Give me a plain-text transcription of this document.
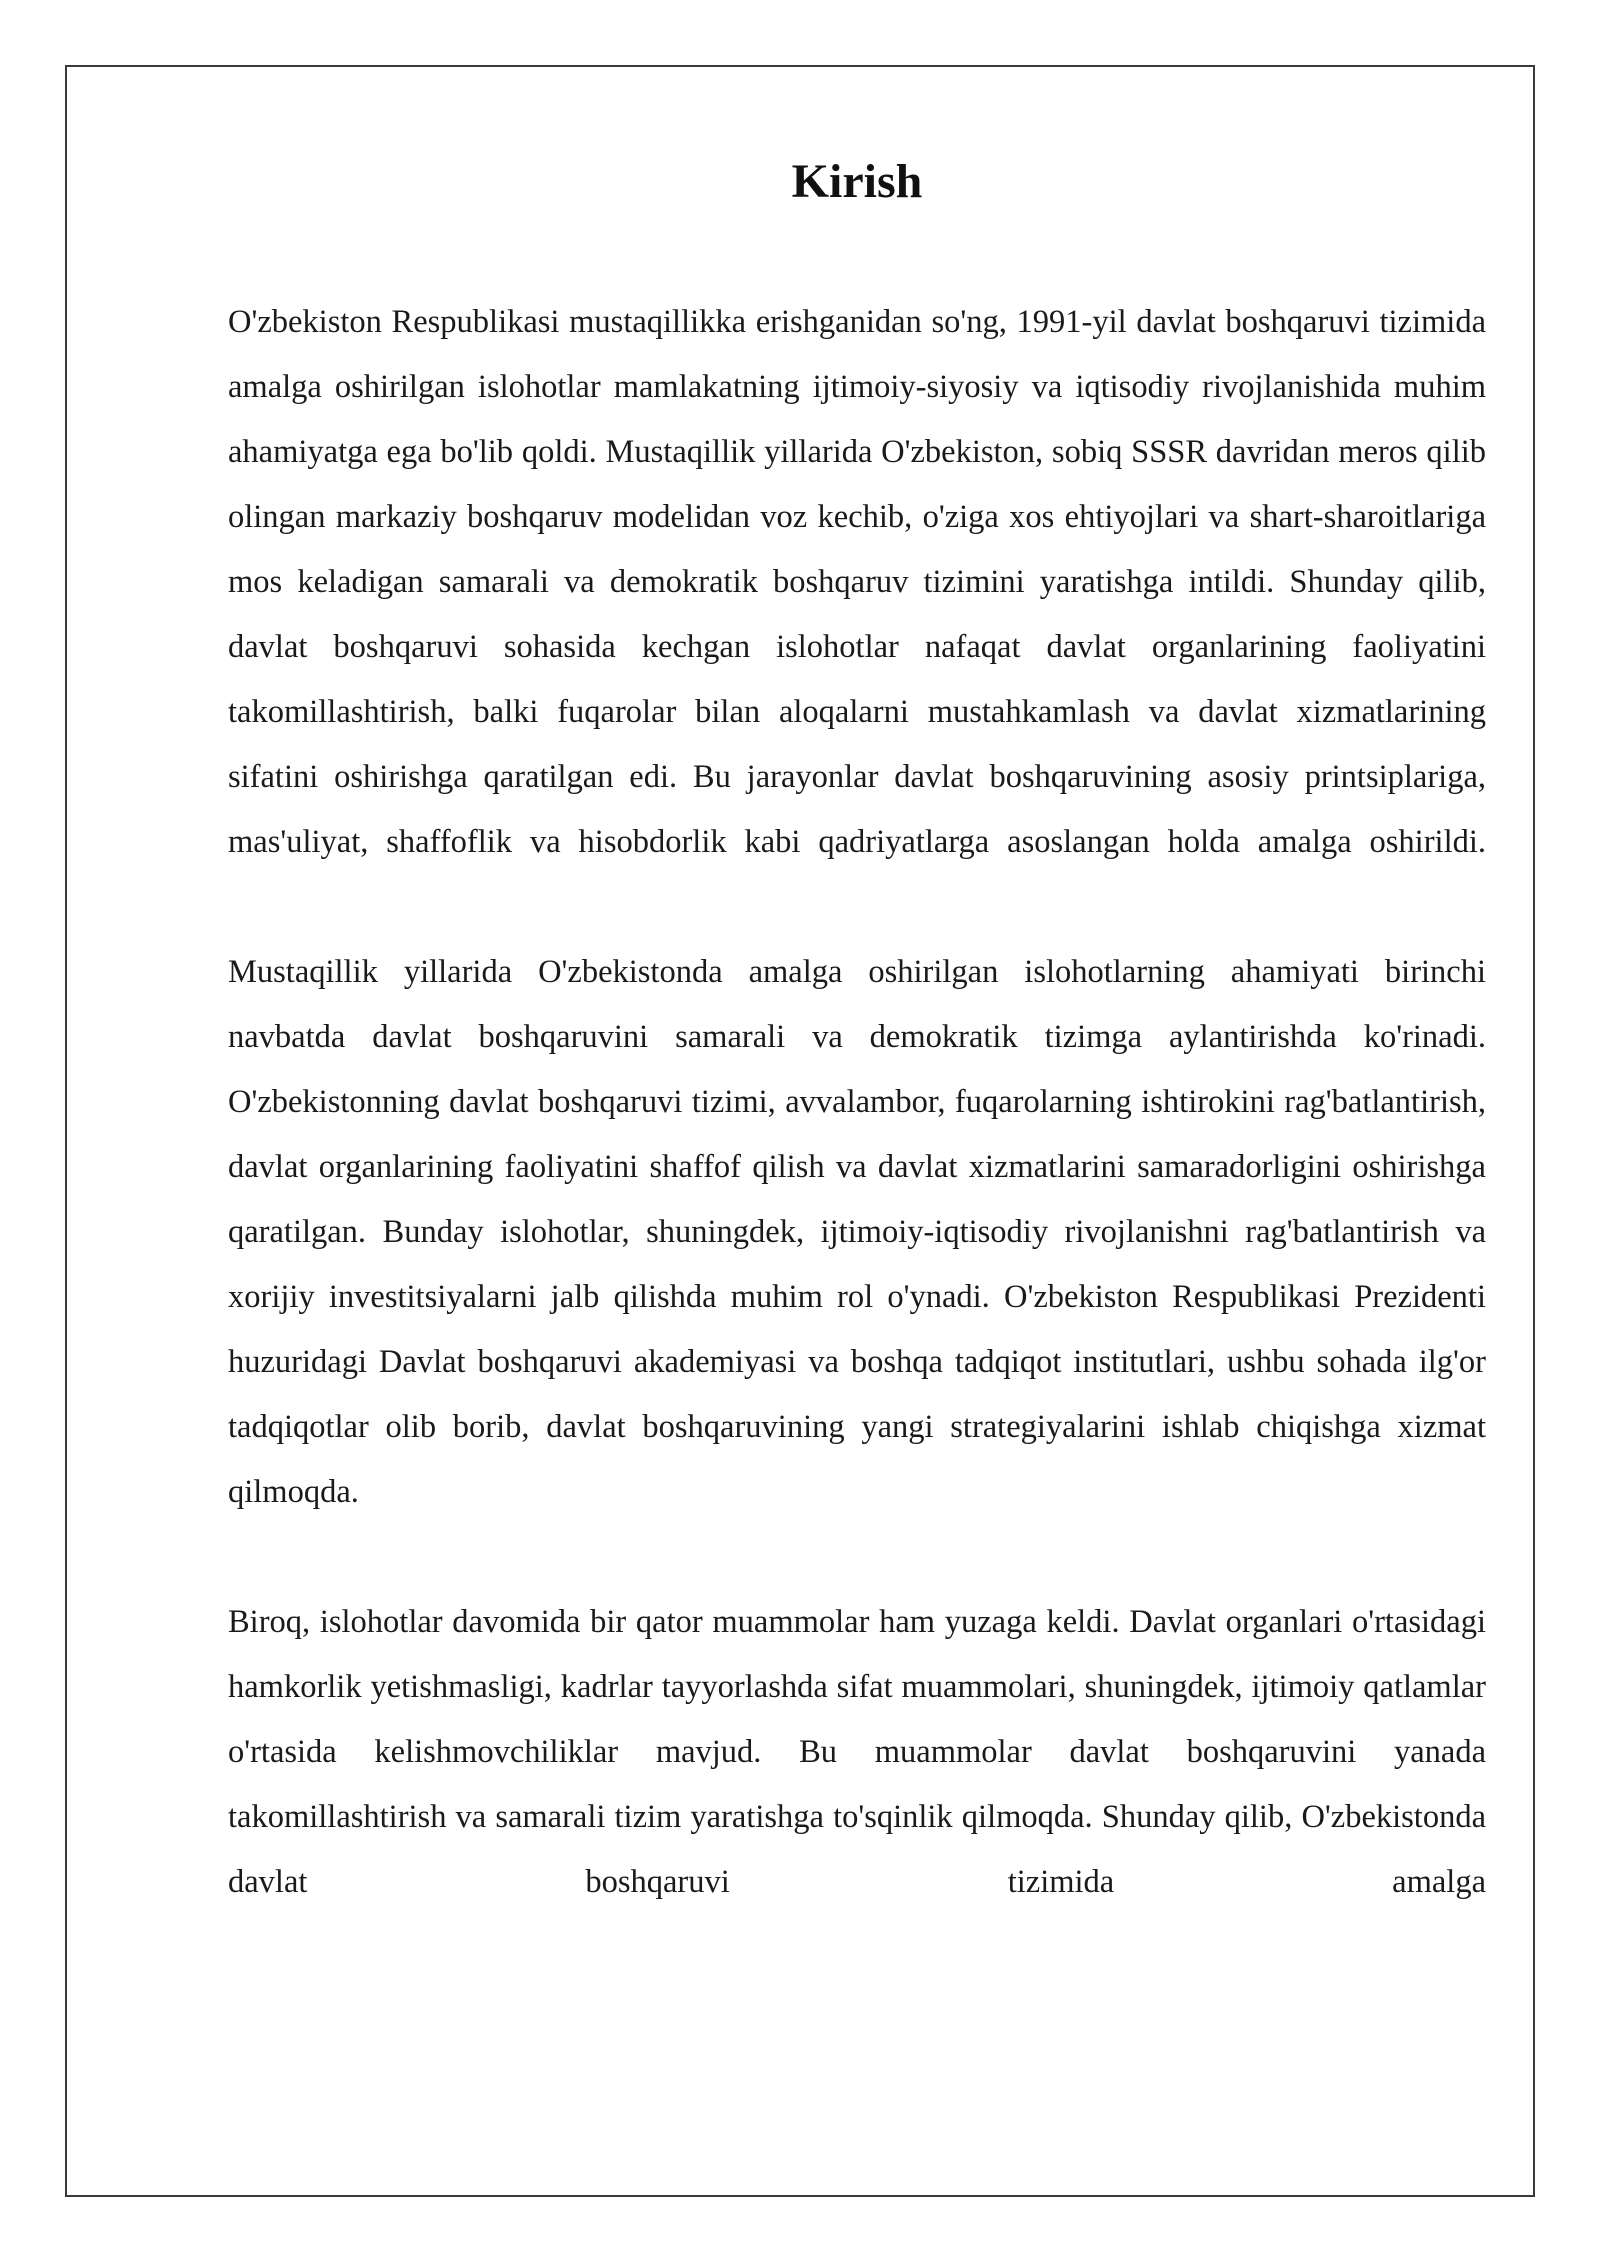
Kirish

O'zbekiston Respublikasi mustaqillikka erishganidan so'ng, 1991-yil davlat boshqaruvi tizimida amalga oshirilgan islohotlar mamlakatning ijtimoiy-siyosiy va iqtisodiy rivojlanishida muhim ahamiyatga ega bo'lib qoldi. Mustaqillik yillarida O'zbekiston, sobiq SSSR davridan meros qilib olingan markaziy boshqaruv modelidan voz kechib, o'ziga xos ehtiyojlari va shart-sharoitlariga mos keladigan samarali va demokratik boshqaruv tizimini yaratishga intildi. Shunday qilib, davlat boshqaruvi sohasida kechgan islohotlar nafaqat davlat organlarining faoliyatini takomillashtirish, balki fuqarolar bilan aloqalarni mustahkamlash va davlat xizmatlarining sifatini oshirishga qaratilgan edi. Bu jarayonlar davlat boshqaruvining asosiy printsiplariga, mas'uliyat, shaffoflik va hisobdorlik kabi qadriyatlarga asoslangan holda amalga oshirildi.

Mustaqillik yillarida O'zbekistonda amalga oshirilgan islohotlarning ahamiyati birinchi navbatda davlat boshqaruvini samarali va demokratik tizimga aylantirishda ko'rinadi. O'zbekistonning davlat boshqaruvi tizimi, avvalambor, fuqarolarning ishtirokini rag'batlantirish, davlat organlarining faoliyatini shaffof qilish va davlat xizmatlarini samaradorligini oshirishga qaratilgan. Bunday islohotlar, shuningdek, ijtimoiy-iqtisodiy rivojlanishni rag'batlantirish va xorijiy investitsiyalarni jalb qilishda muhim rol o'ynadi. O'zbekiston Respublikasi Prezidenti huzuridagi Davlat boshqaruvi akademiyasi va boshqa tadqiqot institutlari, ushbu sohada ilg'or tadqiqotlar olib borib, davlat boshqaruvining yangi strategiyalarini ishlab chiqishga xizmat qilmoqda.

Biroq, islohotlar davomida bir qator muammolar ham yuzaga keldi. Davlat organlari o'rtasidagi hamkorlik yetishmasligi, kadrlar tayyorlashda sifat muammolari, shuningdek, ijtimoiy qatlamlar o'rtasida kelishmovchiliklar mavjud. Bu muammolar davlat boshqaruvini yanada takomillashtirish va samarali tizim yaratishga to'sqinlik qilmoqda. Shunday qilib, O'zbekistonda davlat boshqaruvi tizimida amalga
